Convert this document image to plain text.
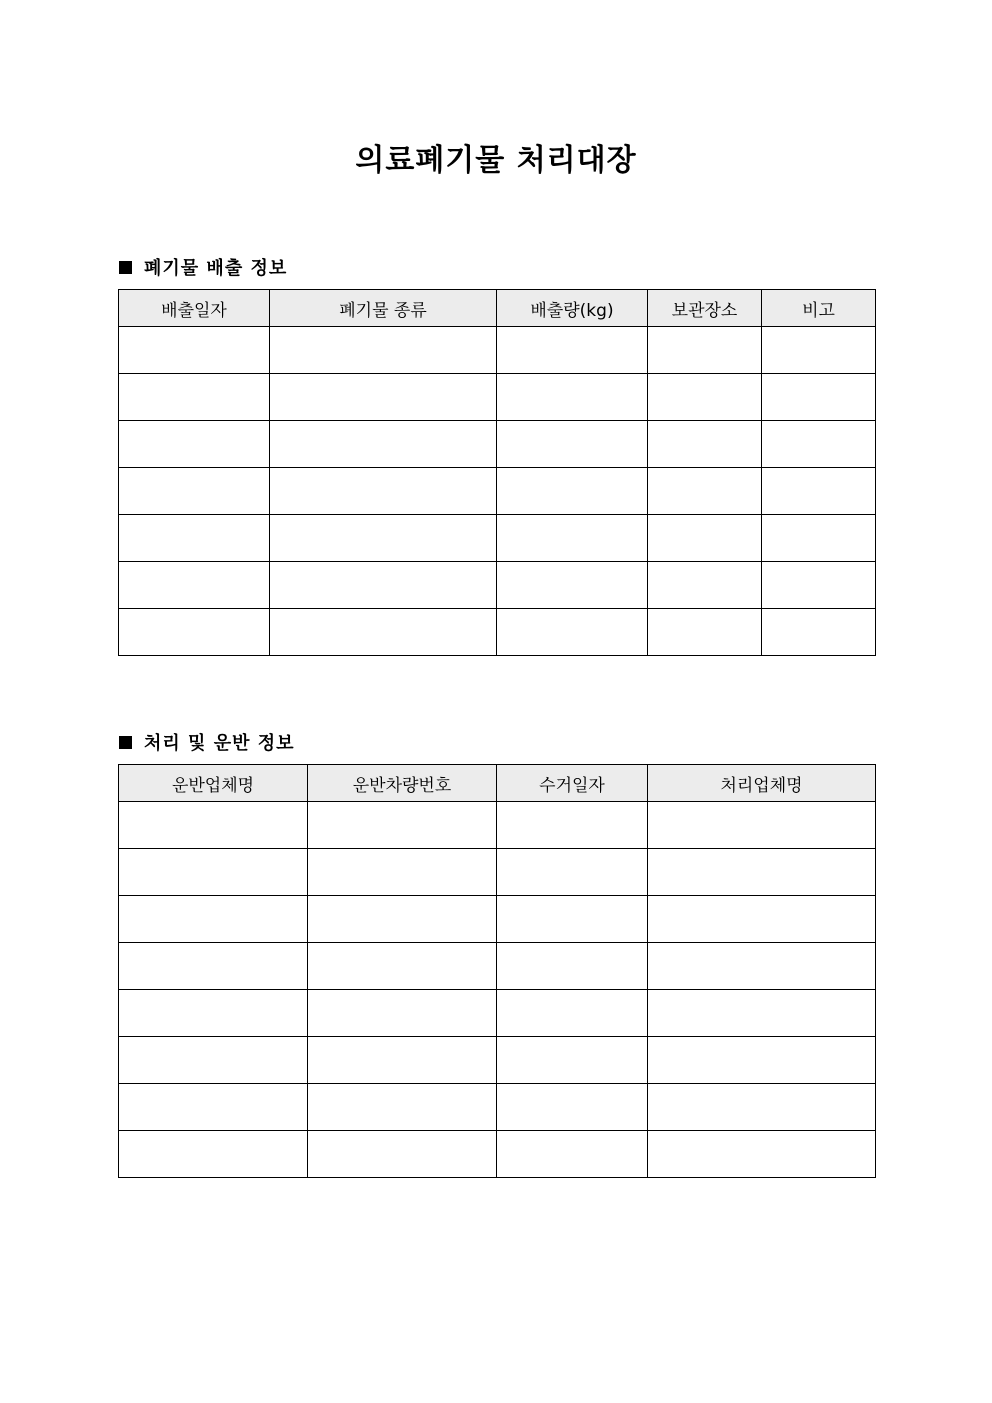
의료폐기물 처리대장
폐기물 배출 정보
배출일자	폐기물 종류	배출량(kg)	보관장소	비고

처리 및 운반 정보
운반업체명	운반차량번호	수거일자	처리업체명
